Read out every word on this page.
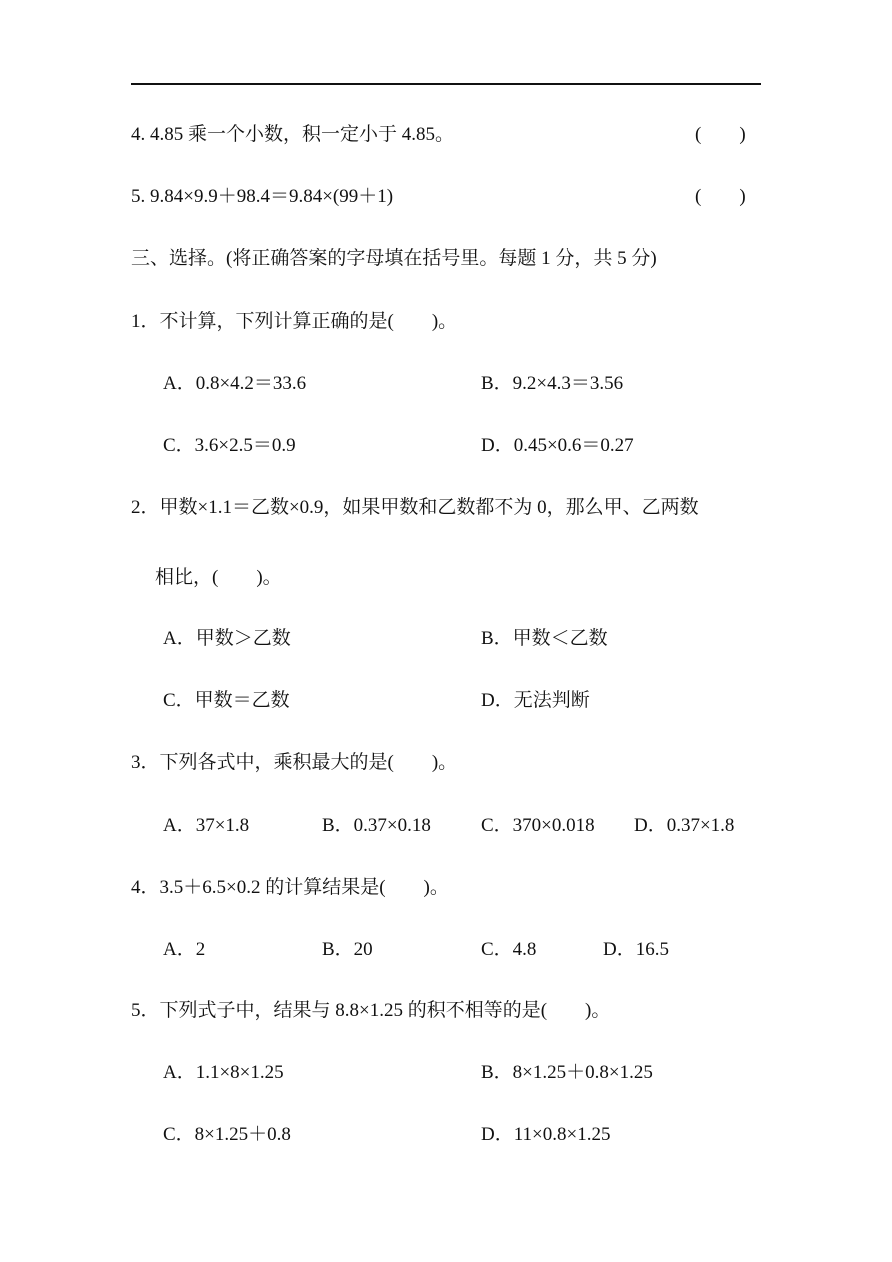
4. 4.85 乘一个小数，积一定小于 4.85。	(　　)
5. 9.84×9.9＋98.4＝9.84×(99＋1)	(　　)
三、选择。(将正确答案的字母填在括号里。每题 1 分，共 5 分)
1．不计算，下列计算正确的是(　　)。
A．0.8×4.2＝33.6	B．9.2×4.3＝3.56
C．3.6×2.5＝0.9	D．0.45×0.6＝0.27
2．甲数×1.1＝乙数×0.9，如果甲数和乙数都不为 0，那么甲、乙两数
相比，(　　)。
A．甲数＞乙数	B．甲数＜乙数
C．甲数＝乙数	D．无法判断
3．下列各式中，乘积最大的是(　　)。
A．37×1.8	B．0.37×0.18	C．370×0.018 D．0.37×1.8
4．3.5＋6.5×0.2 的计算结果是(　　)。
A．2	B．20	C．4.8	D．16.5
5．下列式子中，结果与 8.8×1.25 的积不相等的是(　　)。
A．1.1×8×1.25	B．8×1.25＋0.8×1.25
C．8×1.25＋0.8	D．11×0.8×1.25
